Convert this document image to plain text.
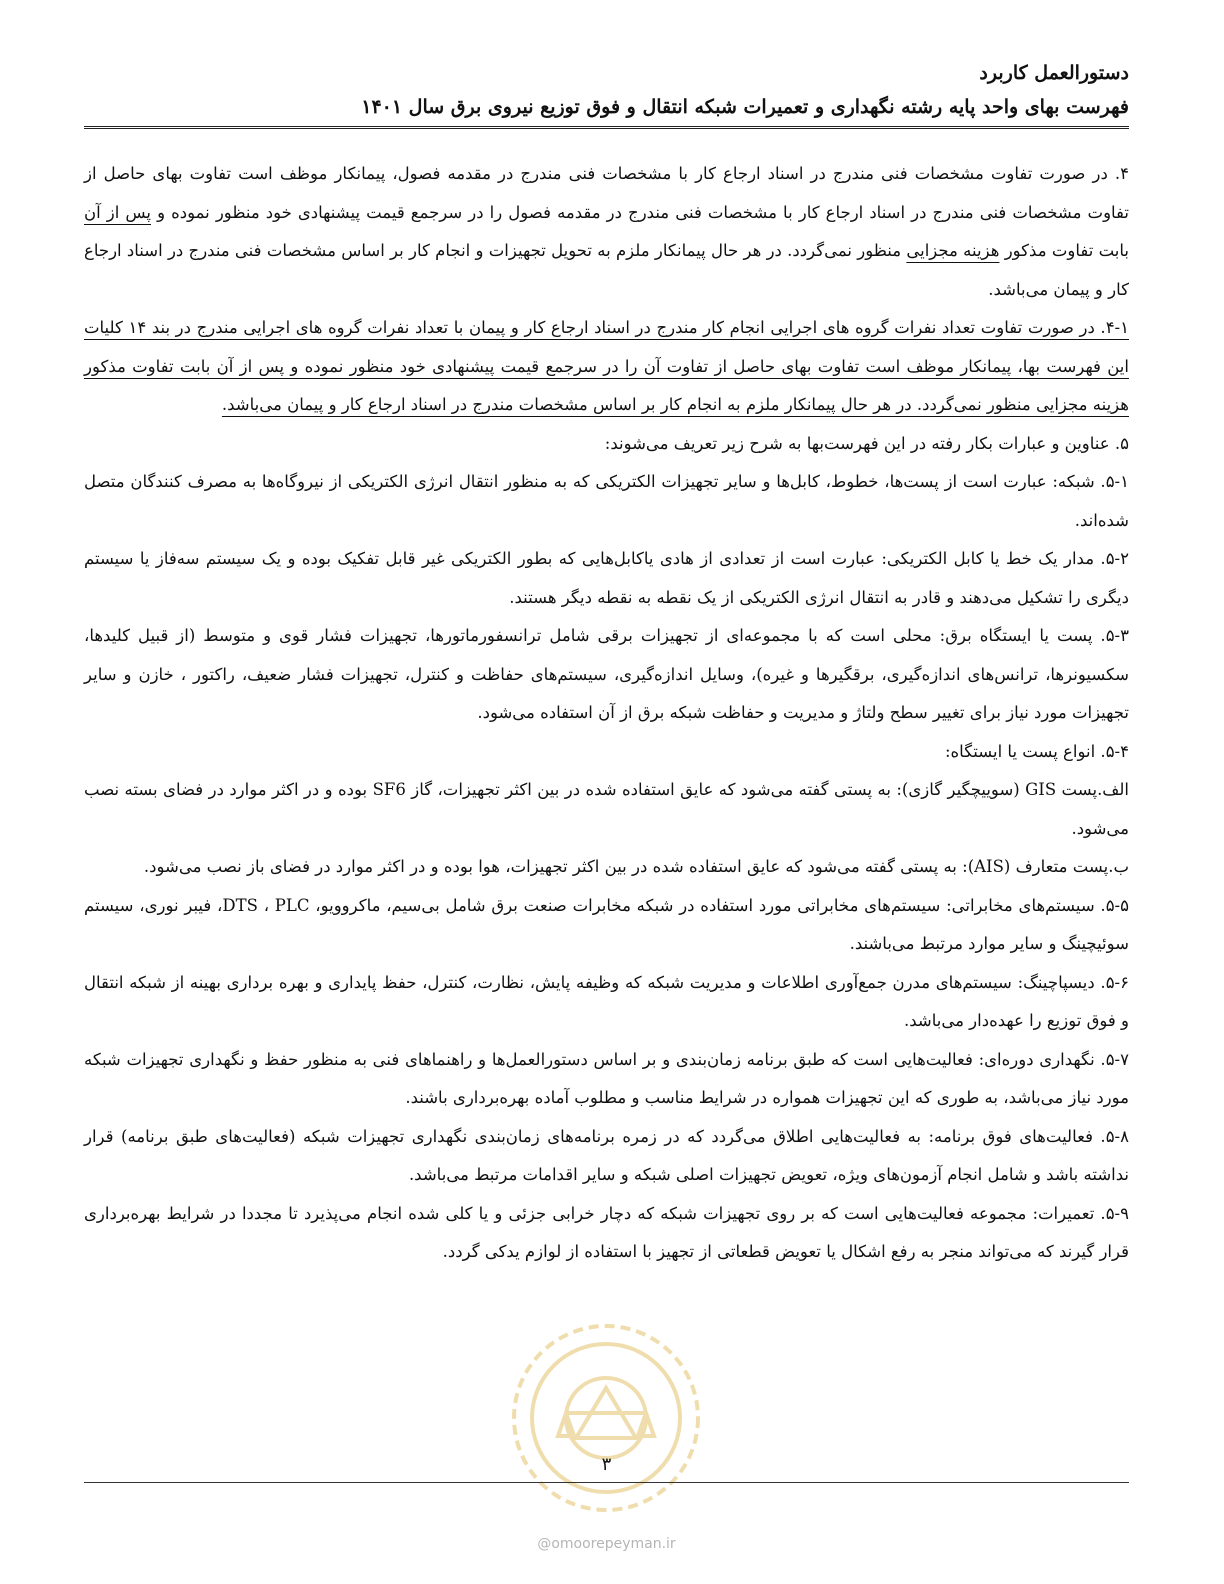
دستورالعمل کاربرد
فهرست بهای واحد پایه رشته نگهداری و تعمیرات شبکه انتقال و فوق توزیع نیروی برق سال ۱۴۰۱

۴. در صورت تفاوت مشخصات فنی مندرج در اسناد ارجاع کار با مشخصات فنی مندرج در مقدمه فصول، پیمانکار موظف است تفاوت بهای حاصل از تفاوت مشخصات فنی مندرج در اسناد ارجاع کار با مشخصات فنی مندرج در مقدمه فصول را در سرجمع قیمت پیشنهادی خود منظور نموده و پس از آن بابت تفاوت مذکور هزینه مجزایی منظور نمی‌گردد. در هر حال پیمانکار ملزم به تحویل تجهیزات و انجام کار بر اساس مشخصات فنی مندرج در اسناد ارجاع کار و پیمان می‌باشد.

۴-۱. در صورت تفاوت تعداد نفرات گروه های اجرایی انجام کار مندرج در اسناد ارجاع کار و پیمان با تعداد نفرات گروه های اجرایی مندرج در بند ۱۴ کلیات این فهرست بها، پیمانکار موظف است تفاوت بهای حاصل از تفاوت آن را در سرجمع قیمت پیشنهادی خود منظور نموده و پس از آن بابت تفاوت مذکور هزینه مجزایی منظور نمی‌گردد. در هر حال پیمانکار ملزم به انجام کار بر اساس مشخصات مندرج در اسناد ارجاع کار و پیمان می‌باشد.

۵. عناوین و عبارات بکار رفته در این فهرست‌بها به شرح زیر تعریف می‌شوند:

۵-۱. شبکه: عبارت است از پست‌ها، خطوط، کابل‌ها و سایر تجهیزات الکتریکی که به منظور انتقال انرژی الکتریکی از نیروگاه‌ها به مصرف کنندگان متصل شده‌اند.

۵-۲. مدار یک خط یا کابل الکتریکی: عبارت است از تعدادی از هادی یاکابل‌هایی که بطور الکتریکی غیر قابل تفکیک بوده و یک سیستم سه‌فاز یا سیستم دیگری را تشکیل می‌دهند و قادر به انتقال انرژی الکتریکی از یک نقطه به نقطه دیگر هستند.

۵-۳. پست یا ایستگاه برق: محلی است که با مجموعه‌ای از تجهیزات برقی شامل ترانسفورماتورها، تجهیزات فشار قوی و متوسط (از قبیل کلیدها، سکسیونرها، ترانس‌های اندازه‌گیری، برقگیرها و غیره)، وسایل اندازه‌گیری، سیستم‌های حفاظت و کنترل، تجهیزات فشار ضعیف، راکتور ، خازن و سایر تجهیزات مورد نیاز برای تغییر سطح ولتاژ و مدیریت و حفاظت شبکه برق از آن استفاده می‌شود.

۵-۴. انواع پست یا ایستگاه:

الف.پست GIS (سوییچگیر گازی): به پستی گفته می‌شود که عایق استفاده شده در بین اکثر تجهیزات، گاز SF6 بوده و در اکثر موارد در فضای بسته نصب می‌شود.

ب.پست متعارف (AIS): به پستی گفته می‌شود که عایق استفاده شده در بین اکثر تجهیزات، هوا بوده و در اکثر موارد در فضای باز نصب می‌شود.

۵-۵. سیستم‌های مخابراتی: سیستم‌های مخابراتی مورد استفاده در شبکه مخابرات صنعت برق شامل بی‌سیم، ماکروویو، DTS ، PLC، فیبر نوری، سیستم سوئیچینگ و سایر موارد مرتبط می‌باشند.

۵-۶. دیسپاچینگ: سیستم‌های مدرن جمع‌آوری اطلاعات و مدیریت شبکه که وظیفه پایش، نظارت، کنترل، حفظ پایداری و بهره برداری بهینه از شبکه انتقال و فوق توزیع را عهده‌دار می‌باشد.

۵-۷. نگهداری دوره‌ای: فعالیت‌هایی است که طبق برنامه زمان‌بندی و بر اساس دستورالعمل‌ها و راهنماهای فنی به منظور حفظ و نگهداری تجهیزات شبکه مورد نیاز می‌باشد، به طوری که این تجهیزات همواره در شرایط مناسب و مطلوب آماده بهره‌برداری باشند.

۵-۸. فعالیت‌های فوق برنامه: به فعالیت‌هایی اطلاق می‌گردد که در زمره برنامه‌های زمان‌بندی نگهداری تجهیزات شبکه (فعالیت‌های طبق برنامه) قرار نداشته باشد و شامل انجام آزمون‌های ویژه، تعویض تجهیزات اصلی شبکه و سایر اقدامات مرتبط می‌باشد.

۵-۹. تعمیرات: مجموعه فعالیت‌هایی است که بر روی تجهیزات شبکه که دچار خرابی جزئی و یا کلی شده انجام می‌پذیرد تا مجددا در شرایط بهره‌برداری قرار گیرند که می‌تواند منجر به رفع اشکال یا تعویض قطعاتی از تجهیز با استفاده از لوازم یدکی گردد.

۳
@omoorepeyman.ir
